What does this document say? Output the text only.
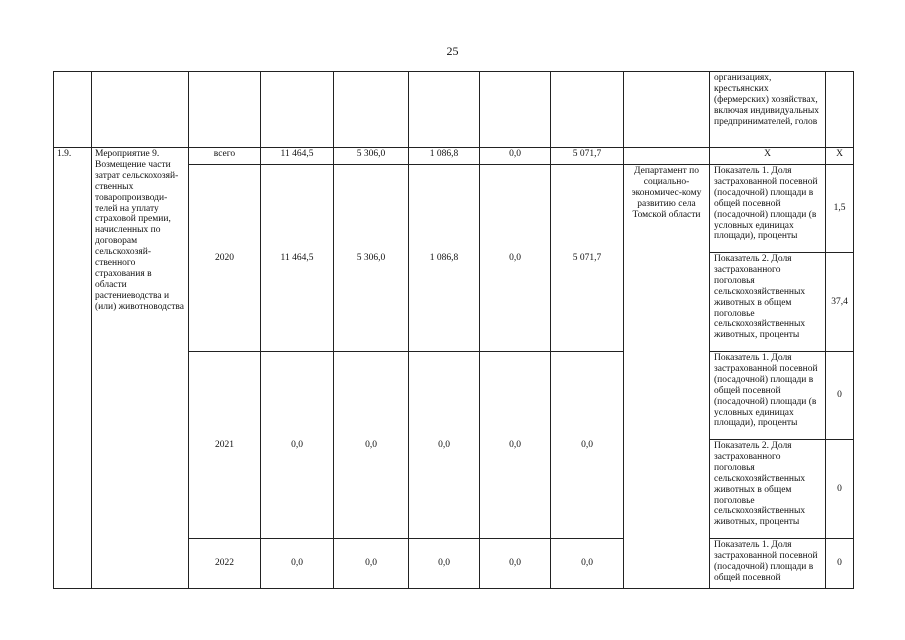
25
									организациях, крестьянских (фермерских) хозяйствах, включая индивидуальных предпринимателей, голов	
1.9.	Мероприятие 9. Возмещение части затрат сельскохозяй-ственных товаропроизводи-телей на уплату страховой премии, начисленных по договорам сельскохозяй-ственного страхования в области растениеводства и (или) животноводства	всего	11 464,5	5 306,0	1 086,8	0,0	5 071,7		Х	Х
		2020	11 464,5	5 306,0	1 086,8	0,0	5 071,7	Департамент по социально-экономичес-кому развитию села Томской области	Показатель 1. Доля застрахованной посевной (посадочной) площади в общей посевной (посадочной) площади (в условных единицах площади), проценты	1,5
									Показатель 2. Доля застрахованного поголовья сельскохозяйственных животных в общем поголовье сельскохозяйственных животных, проценты	37,4
		2021	0,0	0,0	0,0	0,0	0,0		Показатель 1. Доля застрахованной посевной (посадочной) площади в общей посевной (посадочной) площади (в условных единицах площади), проценты	0
									Показатель 2. Доля застрахованного поголовья сельскохозяйственных животных в общем поголовье сельскохозяйственных животных, проценты	0
		2022	0,0	0,0	0,0	0,0	0,0		Показатель 1. Доля застрахованной посевной (посадочной) площади в общей посевной	0
